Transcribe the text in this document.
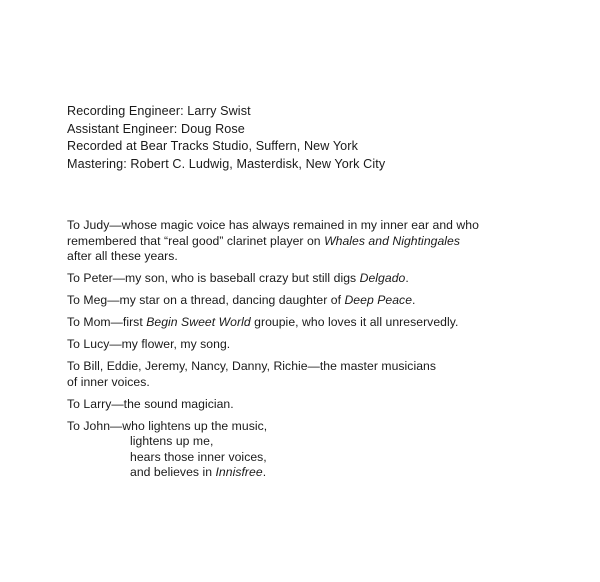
Recording Engineer: Larry Swist
Assistant Engineer: Doug Rose
Recorded at Bear Tracks Studio, Suffern, New York
Mastering: Robert C. Ludwig, Masterdisk, New York City
To Judy—whose magic voice has always remained in my inner ear and who
remembered that “real good” clarinet player on Whales and Nightingales
after all these years.
To Peter—my son, who is baseball crazy but still digs Delgado.
To Meg—my star on a thread, dancing daughter of Deep Peace.
To Mom—first Begin Sweet World groupie, who loves it all unreservedly.
To Lucy—my flower, my song.
To Bill, Eddie, Jeremy, Nancy, Danny, Richie—the master musicians
of inner voices.
To Larry—the sound magician.
To John—who lightens up the music,
lightens up me,
hears those inner voices,
and believes in Innisfree.
